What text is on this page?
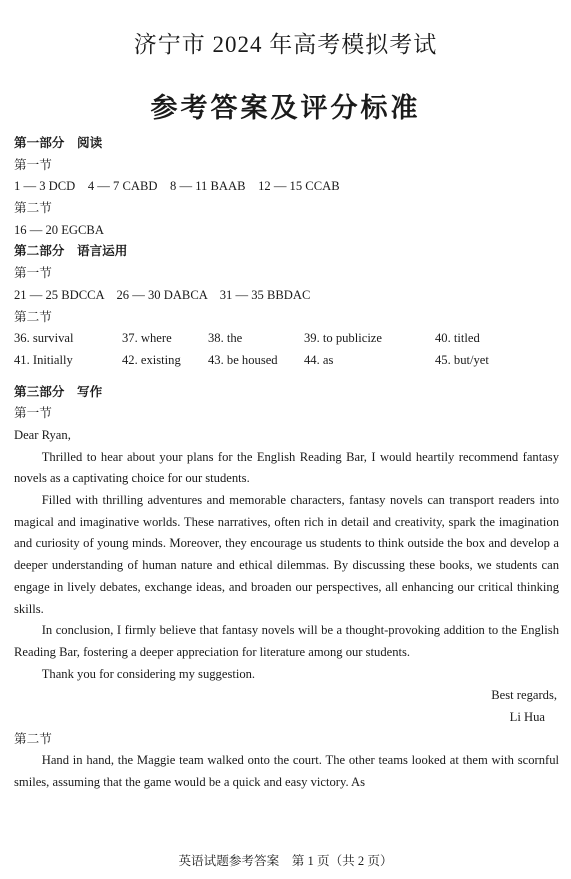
济宁市 2024 年高考模拟考试
参考答案及评分标准
第一部分　阅读
第一节
1 — 3 DCD　4 — 7 CABD　8 — 11 BAAB　12 — 15 CCAB
第二节
16 — 20 EGCBA
第二部分　语言运用
第一节
21 — 25 BDCCA　26 — 30 DABCA　31 — 35 BBDAC
第二节
36. survival	37. where	38. the	39. to publicize	40. titled
41. Initially	42. existing	43. be housed	44. as	45. but/yet
第三部分　写作
第一节
Dear Ryan,

Thrilled to hear about your plans for the English Reading Bar, I would heartily recommend fantasy novels as a captivating choice for our students.

Filled with thrilling adventures and memorable characters, fantasy novels can transport readers into magical and imaginative worlds. These narratives, often rich in detail and creativity, spark the imagination and curiosity of young minds. Moreover, they encourage us students to think outside the box and develop a deeper understanding of human nature and ethical dilemmas. By discussing these books, we students can engage in lively debates, exchange ideas, and broaden our perspectives, all enhancing our critical thinking skills.

In conclusion, I firmly believe that fantasy novels will be a thought-provoking addition to the English Reading Bar, fostering a deeper appreciation for literature among our students.

Thank you for considering my suggestion.

Best regards,
Li Hua
第二节

Hand in hand, the Maggie team walked onto the court. The other teams looked at them with scornful smiles, assuming that the game would be a quick and easy victory. As

英语试题参考答案　第 1 页（共 2 页）
